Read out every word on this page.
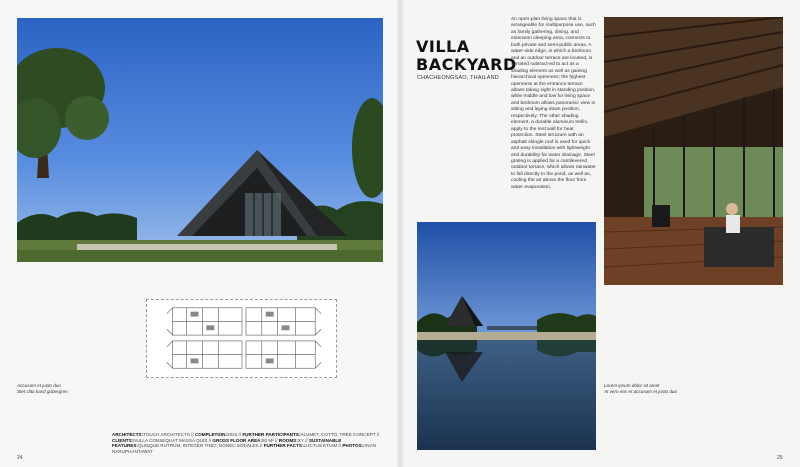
Accusam et justo duo
Stet clita kasd gubergren
ARCHITECTS:TOUCH ARCHITECTS // COMPLETION:2022 // FURTHER PARTICIPANTS:ALUMET, COTTO, TREE CONCEPT // CLIENTS:NULLA CONSEQUAT MASSA QUIS // GROSS FLOOR AREA:80 M² // ROOMS:XY // SUSTAINABLE FEATURES:QUISQUE RUTRUM, INTEGER TINCI, DONEC SODALES // FURTHER FACTS:LUCTUS ETIAM // PHOTOS:ANAN NARUPHANTAWAT
24
VILLA
BACKYARD
CHACHEONGSAO, THAILAND
An open-plan living space that is arrangeable for multipurpose use, such as family gathering, dining, and extension sleeping area, connects to both private and semi-public areas. A water-side edge, in which a bedroom and an outdoor terrace are located, is serrated subtract-ed to act as a shading element as well as gaining hierarchical openness; the highest openness at the entrance terrace allows taking sight in standing position, while middle and low for living space and bedroom allows panoramic view in sitting and laying down position, respectively. The other shading element, a durable aluminum trellis, apply to the rest wall for heat protection. Steel structure with an asphalt shingle roof is used for quick and easy installation with lightweight and durability for water drainage. Steel grating is applied for a cantilevered outdoor terrace, which allows rainwater to fall directly to the pond, as well as, cooling the air above the floor from water evaporation.
Lorem ipsum dolor sit amet
At vero eos et accusam et justo duo
25
